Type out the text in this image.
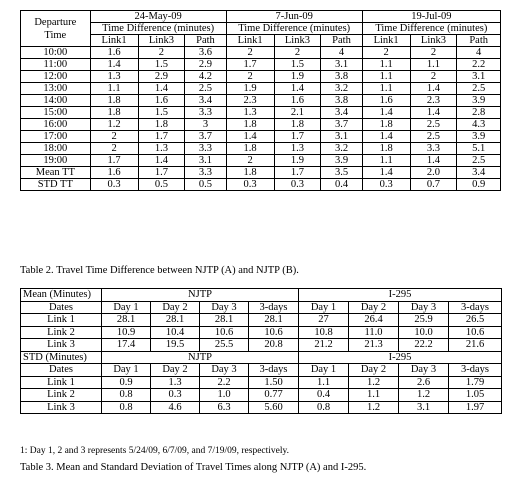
Departure Time	24-May-09			7-Jun-09			19-Jul-09		
	Time Difference (minutes)			Time Difference (minutes)			Time Difference (minutes)		
	Link1	Link3	Path	Link1	Link3	Path	Link1	Link3	Path
10:00	1.6	2	3.6	2	2	4	2	2	4
11:00	1.4	1.5	2.9	1.7	1.5	3.1	1.1	1.1	2.2
12:00	1.3	2.9	4.2	2	1.9	3.8	1.1	2	3.1
13:00	1.1	1.4	2.5	1.9	1.4	3.2	1.1	1.4	2.5
14:00	1.8	1.6	3.4	2.3	1.6	3.8	1.6	2.3	3.9
15:00	1.8	1.5	3.3	1.3	2.1	3.4	1.4	1.4	2.8
16:00	1.2	1.8	3	1.8	1.8	3.7	1.8	2.5	4.3
17:00	2	1.7	3.7	1.4	1.7	3.1	1.4	2.5	3.9
18:00	2	1.3	3.3	1.8	1.3	3.2	1.8	3.3	5.1
19:00	1.7	1.4	3.1	2	1.9	3.9	1.1	1.4	2.5
Mean TT	1.6	1.7	3.3	1.8	1.7	3.5	1.4	2.0	3.4
STD TT	0.3	0.5	0.5	0.3	0.3	0.4	0.3	0.7	0.9
Table 2. Travel Time Difference between NJTP (A) and NJTP (B).
Mean (Minutes)	NJTP				I-295			
Dates	Day 1	Day 2	Day 3	3-days	Day 1	Day 2	Day 3	3-days
Link 1	28.1	28.1	28.1	28.1	27	26.4	25.9	26.5
Link 2	10.9	10.4	10.6	10.6	10.8	11.0	10.0	10.6
Link 3	17.4	19.5	25.5	20.8	21.2	21.3	22.2	21.6
STD (Minutes)	NJTP				I-295			
Dates	Day 1	Day 2	Day 3	3-days	Day 1	Day 2	Day 3	3-days
Link 1	0.9	1.3	2.2	1.50	1.1	1.2	2.6	1.79
Link 2	0.8	0.3	1.0	0.77	0.4	1.1	1.2	1.05
Link 3	0.8	4.6	6.3	5.60	0.8	1.2	3.1	1.97
1: Day 1, 2 and 3 represents 5/24/09, 6/7/09, and 7/19/09, respectively.
Table 3. Mean and Standard Deviation of Travel Times along NJTP (A) and I-295.
